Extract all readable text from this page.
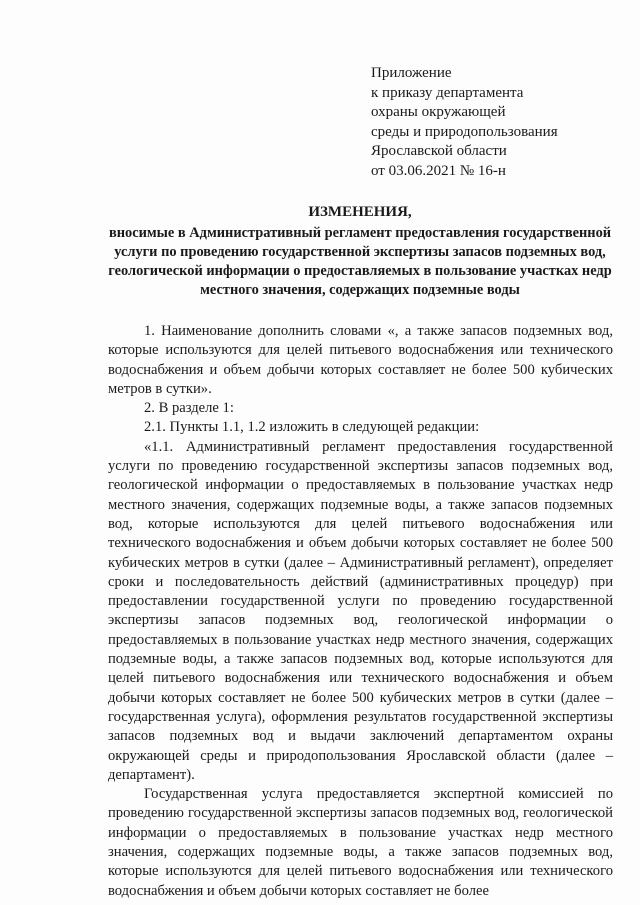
Приложение
к приказу департамента
охраны окружающей
среды и природопользования
Ярославской области
от 03.06.2021 № 16-н
ИЗМЕНЕНИЯ,
вносимые в Административный регламент предоставления государственной услуги по проведению государственной экспертизы запасов подземных вод, геологической информации о предоставляемых в пользование участках недр местного значения, содержащих подземные воды

1. Наименование дополнить словами «, а также запасов подземных вод, которые используются для целей питьевого водоснабжения или технического водоснабжения и объем добычи которых составляет не более 500 кубических метров в сутки».

2. В разделе 1:

2.1. Пункты 1.1, 1.2 изложить в следующей редакции:

«1.1. Административный регламент предоставления государственной услуги по проведению государственной экспертизы запасов подземных вод, геологической информации о предоставляемых в пользование участках недр местного значения, содержащих подземные воды, а также запасов подземных вод, которые используются для целей питьевого водоснабжения или технического водоснабжения и объем добычи которых составляет не более 500 кубических метров в сутки (далее – Административный регламент), определяет сроки и последовательность действий (административных процедур) при предоставлении государственной услуги по проведению государственной экспертизы запасов подземных вод, геологической информации о предоставляемых в пользование участках недр местного значения, содержащих подземные воды, а также запасов подземных вод, которые используются для целей питьевого водоснабжения или технического водоснабжения и объем добычи которых составляет не более 500 кубических метров в сутки (далее – государственная услуга), оформления результатов государственной экспертизы запасов подземных вод и выдачи заключений департаментом охраны окружающей среды и природопользования Ярославской области (далее – департамент).

Государственная услуга предоставляется экспертной комиссией по проведению государственной экспертизы запасов подземных вод, геологической информации о предоставляемых в пользование участках недр местного значения, содержащих подземные воды, а также запасов подземных вод, которые используются для целей питьевого водоснабжения или технического водоснабжения и объем добычи которых составляет не более
